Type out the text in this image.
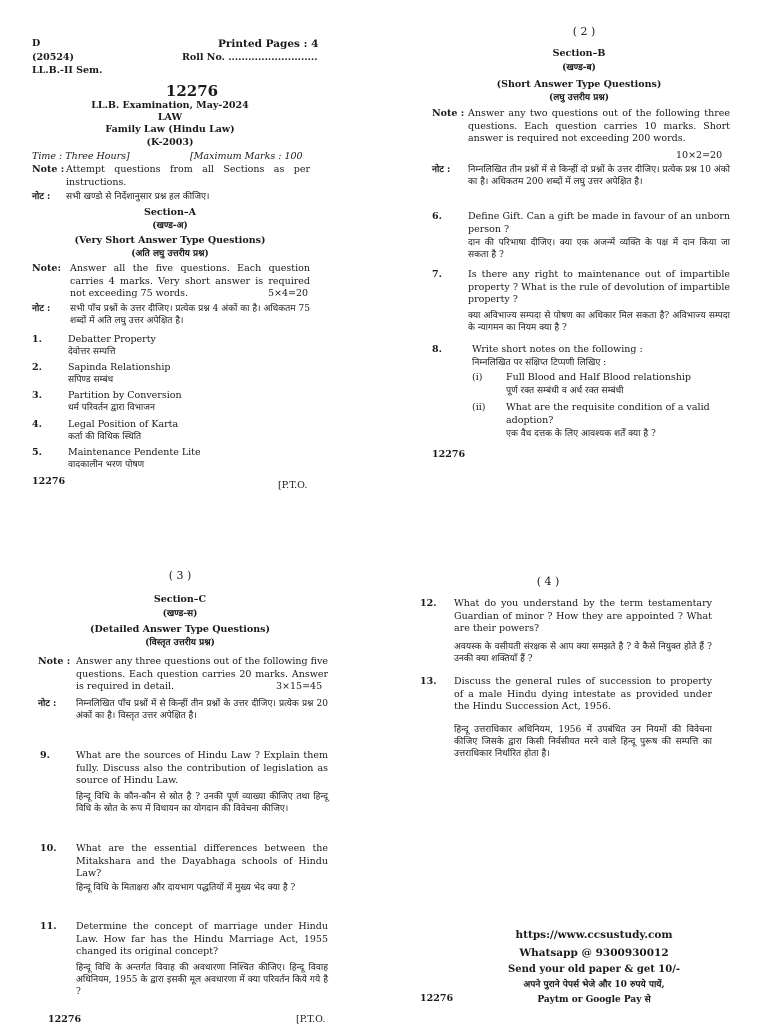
D	Printed Pages : 4
(20524)	Roll No. ...........................
LL.B.-II Sem.
12276
LL.B. Examination, May-2024
LAW
Family Law (Hindu Law)
(K-2003)
Time : Three Hours]	[Maximum Marks : 100
Note : Attempt questions from all Sections as per instructions.
नोट : सभी खण्डो से निर्देशानुसार प्रश्न हल कीजिए।
Section–A
(खण्ड-अ)
(Very Short Answer Type Questions)
(अति लघु उत्तरीय प्रश्न)
Note: Answer all the five questions. Each question carries 4 marks. Very short answer is required not exceeding 75 words.	5×4=20
नोट : सभी पाँच प्रश्नों के उत्तर दीजिए। प्रत्येक प्रश्न 4 अंकों का है। अधिकतम 75 शब्दों में अति लघु उत्तर अपेक्षित है।
1.	Debatter Property
देवोत्तर सम्पत्ति
2.	Sapinda Relationship
सपिण्ड सम्बंध
3.	Partition by Conversion
धर्म परिवर्तन द्वारा विभाजन
4.	Legal Position of Karta
कर्ता की विधिक स्थिति
5.	Maintenance Pendente Lite
वादकालीन भरण पोषण
12276	[P.T.O.
( 2 )
Section–B
(खण्ड-ब)
(Short Answer Type Questions)
(लघु उत्तरीय प्रश्न)
Note : Answer any two questions out of the following three questions. Each question carries 10 marks. Short answer is required not exceeding 200 words.
10×2=20
नोट : निम्नलिखित तीन प्रश्नों में से किन्हीं दो प्रश्नों के उत्तर दीजिए। प्रत्येक प्रश्न 10 अंको का है। अधिकतम 200 शब्दों में लघु उत्तर अपेक्षित है।
6.	Define Gift. Can a gift be made in favour of an unborn person ?
दान की परिभाषा दीजिए। क्या एक अजन्में व्यक्ति के पक्ष में दान किया जा सकता है ?
7.	Is there any right to maintenance out of impartible property ? What is the rule of devolution of impartible property ?
क्या अविभाज्य सम्पदा से पोषण का अधिकार मिल सकता है? अविभाज्य सम्पदा के न्यागमन का नियम क्या है ?
8.	Write short notes on the following :
निम्नलिखित पर संक्षिप्त टिप्पणी लिखिए :
(i) Full Blood and Half Blood relationship
पूर्ण रक्त सम्बंधी व अर्ध रक्त सम्बंधी
(ii) What are the requisite condition of a valid adoption?
एक वैध दत्तक के लिए आवश्यक शर्तें क्या है ?
12276
( 3 )
Section–C
(खण्ड-स)
(Detailed Answer Type Questions)
(विस्तृत उत्तरीय प्रश्न)
Note : Answer any three questions out of the following five questions. Each question carries 20 marks. Answer is required in detail.	3×15=45
नोट : निम्नलिखित पाँच प्रश्नों में से किन्हीं तीन प्रश्नों के उत्तर दीजिए। प्रत्येक प्रश्न 20 अंकों का है। विस्तृत उत्तर अपेक्षित है।
9.	What are the sources of Hindu Law ? Explain them fully. Discuss also the contribution of legislation as source of Hindu Law.
हिन्दू विधि के कौन-कौन से स्रोत है ? उनकी पूर्ण व्याख्या कीजिए तथा हिन्दू विधि के स्रोत के रूप में विधायन का योगदान की विवेचना कीजिए।
10. What are the essential differences between the Mitakshara and the Dayabhaga schools of Hindu Law?
हिन्दू विधि के मिताक्षरा और दायभाग पद्धतियों में मुख्य भेद क्या है ?
11. Determine the concept of marriage under Hindu Law. How far has the Hindu Marriage Act, 1955 changed its original concept?
हिन्दू विधि के अन्तर्गत विवाह की अवधारणा निश्चित कीजिए। हिन्दू विवाह अधिनियम, 1955 के द्वारा इसकी मूल अवधारणा में क्या परिवर्तन किये गये है ?
12276	[P.T.O.
( 4 )
12. What do you understand by the term testamentary Guardian of minor ? How they are appointed ? What are their powers?
अवयस्क के वसीयती संरक्षक से आप क्या समझते है ? वे कैसे नियुक्त होते हैं ? उनकी क्या शक्तियाँ हैं ?
13. Discuss the general rules of succession to property of a male Hindu dying intestate as provided under the Hindu Succession Act, 1956.
हिन्दू उत्तराधिकार अधिनियम, 1956 में उपबंधित उन नियमों की विवेचना कीजिए जिसके द्वारा किसी निर्वसीयत मरने वाले हिन्दू पुरूष की सम्पत्ति का उत्तराधिकार निर्धारित होता है।
https://www.ccsustudy.com
Whatsapp @ 9300930012
Send your old paper & get 10/-
अपने पुराने पेपर्स भेजे और 10 रुपये पायें,
Paytm or Google Pay से
12276
